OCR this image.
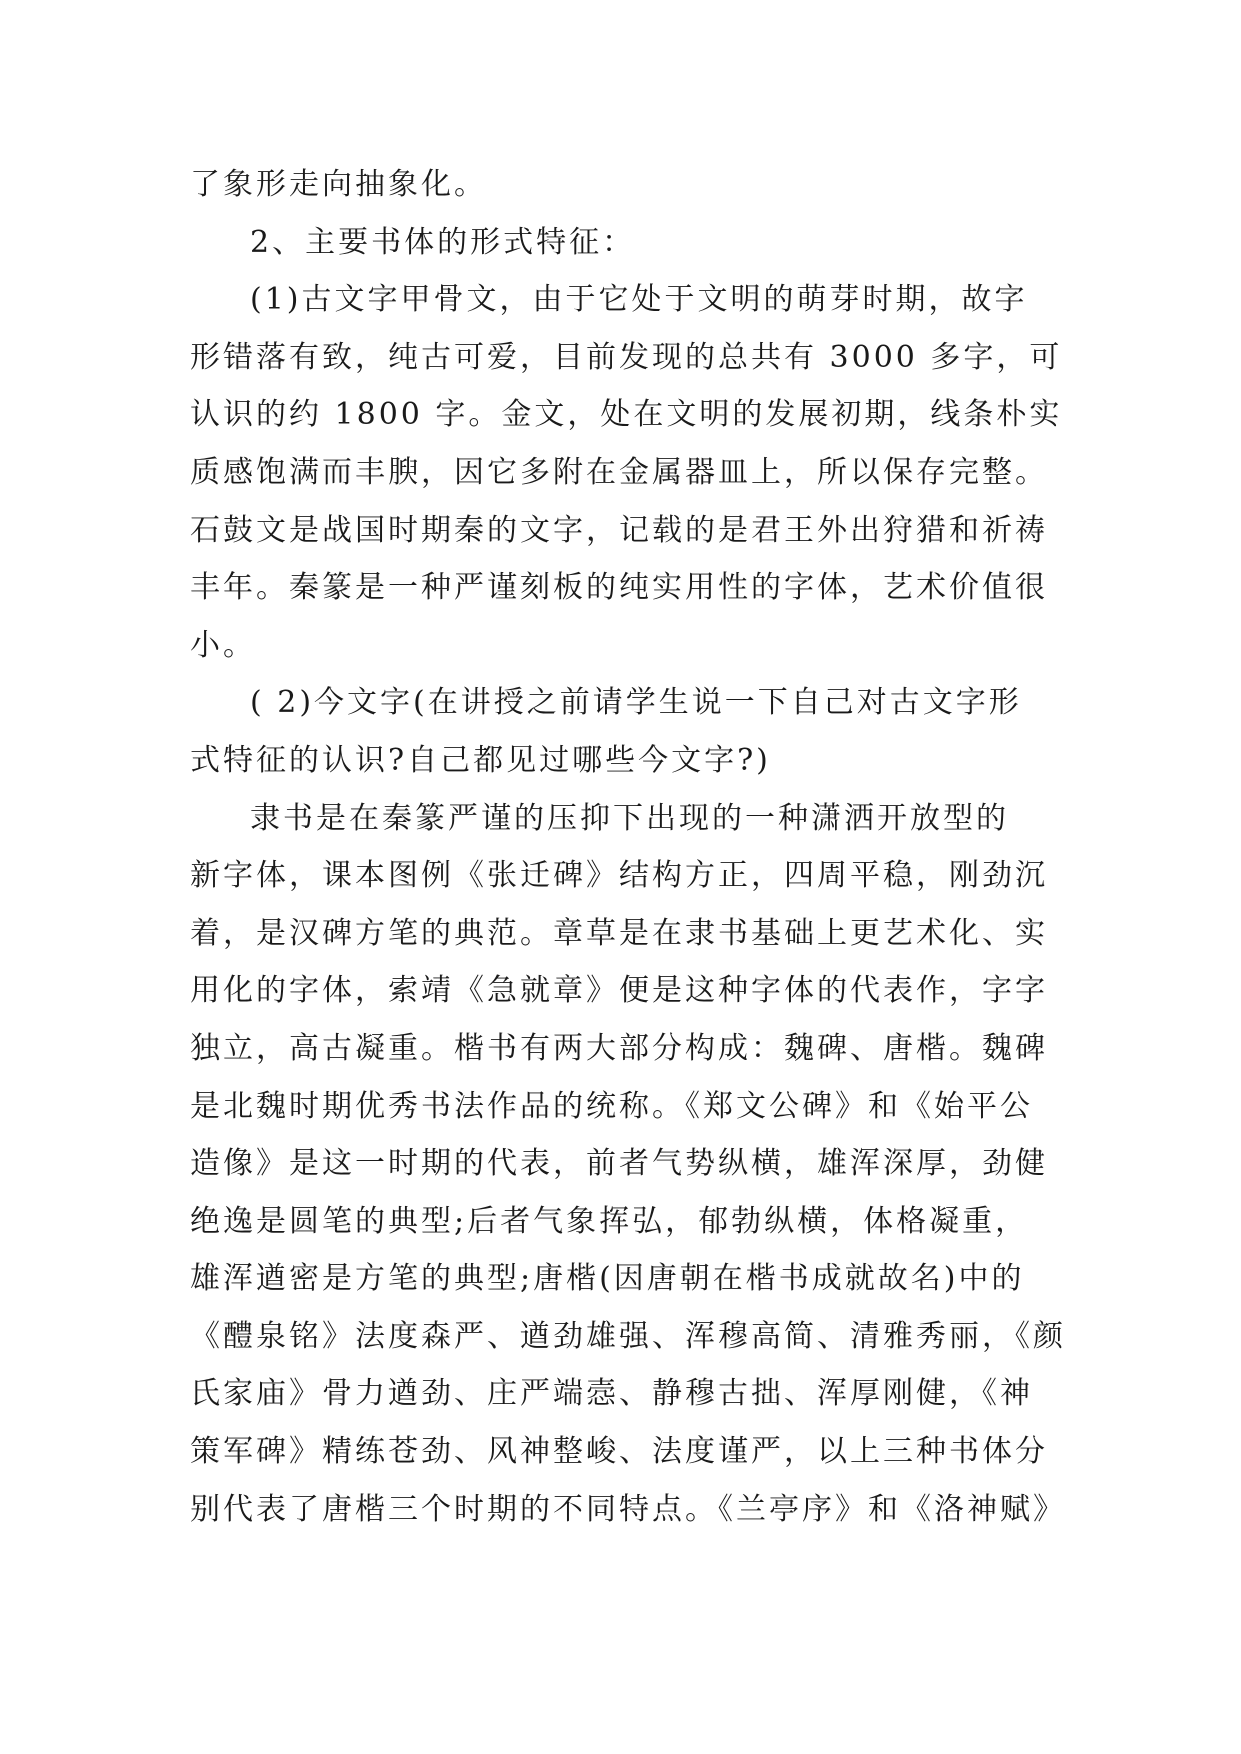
了象形走向抽象化。
2、主要书体的形式特征：
(1)古文字甲骨文，由于它处于文明的萌芽时期，故字
形错落有致，纯古可爱，目前发现的总共有 3000 多字，可
认识的约 1800 字。金文，处在文明的发展初期，线条朴实
质感饱满而丰腴，因它多附在金属器皿上，所以保存完整。
石鼓文是战国时期秦的文字，记载的是君王外出狩猎和祈祷
丰年。秦篆是一种严谨刻板的纯实用性的字体，艺术价值很
小。
( 2)今文字(在讲授之前请学生说一下自己对古文字形
式特征的认识?自己都见过哪些今文字?)
隶书是在秦篆严谨的压抑下出现的一种潇洒开放型的
新字体，课本图例《张迁碑》结构方正，四周平稳，刚劲沉
着，是汉碑方笔的典范。章草是在隶书基础上更艺术化、实
用化的字体，索靖《急就章》便是这种字体的代表作，字字
独立，高古凝重。楷书有两大部分构成：魏碑、唐楷。魏碑
是北魏时期优秀书法作品的统称。《郑文公碑》和《始平公
造像》是这一时期的代表，前者气势纵横，雄浑深厚，劲健
绝逸是圆笔的典型;后者气象挥弘，郁勃纵横，体格凝重，
雄浑遒密是方笔的典型;唐楷(因唐朝在楷书成就故名)中的
《醴泉铭》法度森严、遒劲雄强、浑穆高简、清雅秀丽，《颜
氏家庙》骨力遒劲、庄严端悫、静穆古拙、浑厚刚健，《神
策军碑》精练苍劲、风神整峻、法度谨严，以上三种书体分
别代表了唐楷三个时期的不同特点。《兰亭序》和《洛神赋》
